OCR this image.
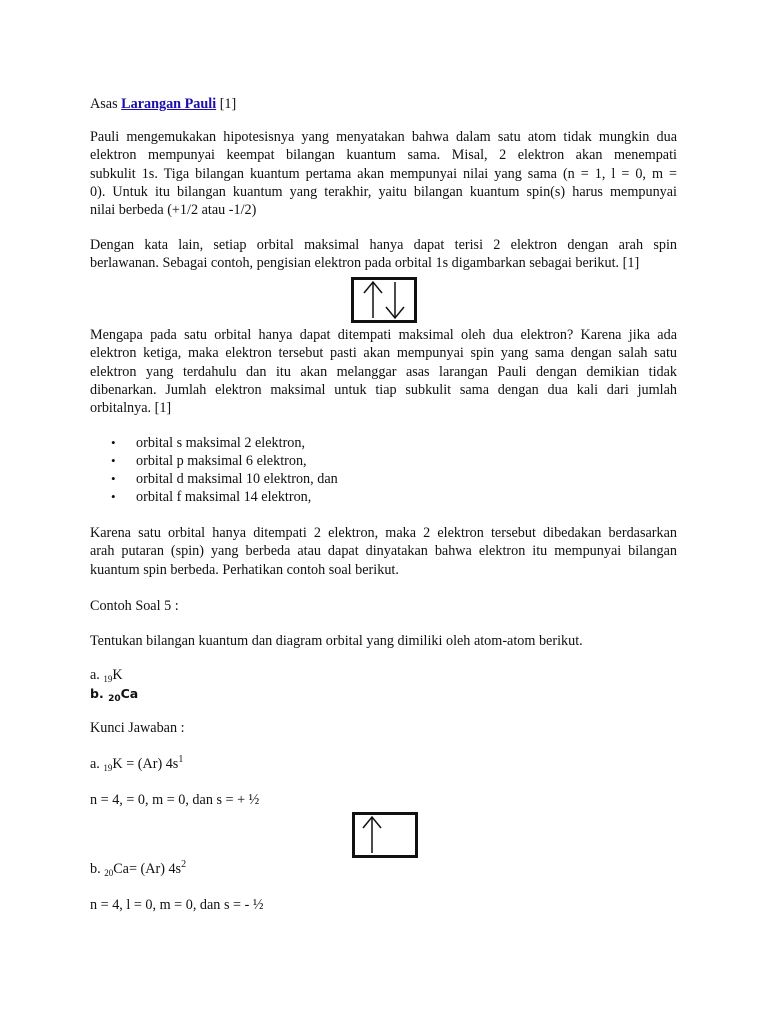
Asas Larangan Pauli [1]
Pauli mengemukakan hipotesisnya yang menyatakan bahwa dalam satu atom tidak mungkin dua
elektron mempunyai keempat bilangan kuantum sama. Misal, 2 elektron akan menempati
subkulit 1s. Tiga bilangan kuantum pertama akan mempunyai nilai yang sama (n = 1, l = 0, m =
0). Untuk itu bilangan kuantum yang terakhir, yaitu bilangan kuantum spin(s) harus mempunyai
nilai berbeda (+1/2 atau -1/2)
Dengan kata lain, setiap orbital maksimal hanya dapat terisi 2 elektron dengan arah spin
berlawanan. Sebagai contoh, pengisian elektron pada orbital 1s digambarkan sebagai berikut. [1]
Mengapa pada satu orbital hanya dapat ditempati maksimal oleh dua elektron? Karena jika ada
elektron ketiga, maka elektron tersebut pasti akan mempunyai spin yang sama dengan salah satu
elektron yang terdahulu dan itu akan melanggar asas larangan Pauli dengan demikian tidak
dibenarkan. Jumlah elektron maksimal untuk tiap subkulit sama dengan dua kali dari jumlah
orbitalnya. [1]
• orbital s maksimal 2 elektron,
• orbital p maksimal 6 elektron,
• orbital d maksimal 10 elektron, dan
• orbital f maksimal 14 elektron,
Karena satu orbital hanya ditempati 2 elektron, maka 2 elektron tersebut dibedakan berdasarkan
arah putaran (spin) yang berbeda atau dapat dinyatakan bahwa elektron itu mempunyai bilangan
kuantum spin berbeda. Perhatikan contoh soal berikut.
Contoh Soal 5 :
Tentukan bilangan kuantum dan diagram orbital yang dimiliki oleh atom-atom berikut.
a. $_{19}$K
b. $_{20}$Ca
Kunci Jawaban :
a. $_{19}$K = (Ar) $4s^1$
n = 4, = 0, m = 0, dan s = + ½
b. $_{20}$Ca= (Ar) $4s^2$
n = 4, l = 0, m = 0, dan s = - ½
